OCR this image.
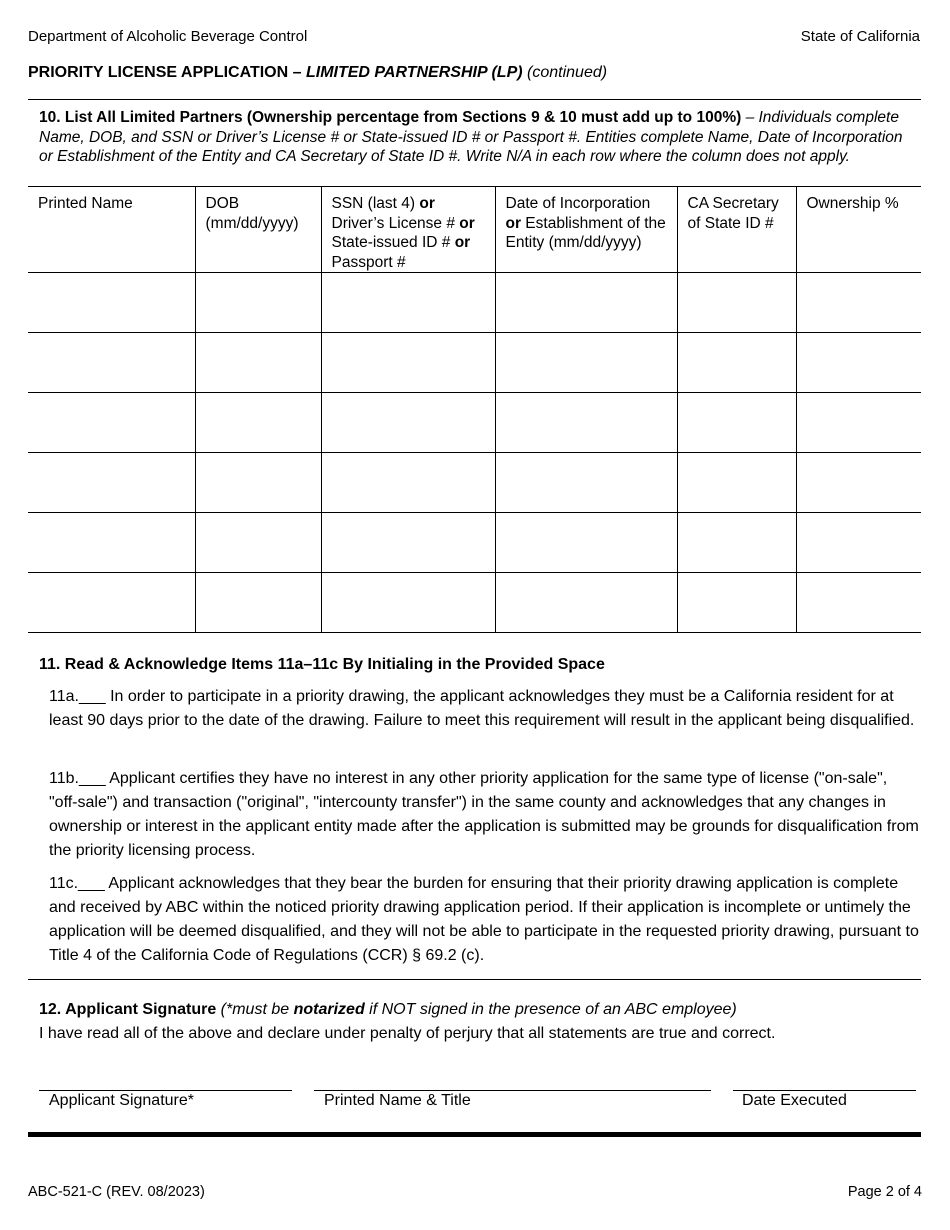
Department of Alcoholic Beverage Control	State of California
PRIORITY LICENSE APPLICATION – LIMITED PARTNERSHIP (LP) (continued)
10. List All Limited Partners (Ownership percentage from Sections 9 & 10 must add up to 100%) – Individuals complete Name, DOB, and SSN or Driver’s License # or State-issued ID # or Passport #. Entities complete Name, Date of Incorporation or Establishment of the Entity and CA Secretary of State ID #. Write N/A in each row where the column does not apply.
Printed Name	DOB (mm/dd/yyyy)	SSN (last 4) or Driver’s License # or State-issued ID # or Passport #	Date of Incorporation or Establishment of the Entity (mm/dd/yyyy)	CA Secretary of State ID #	Ownership %

11. Read & Acknowledge Items 11a–11c By Initialing in the Provided Space
11a.___ In order to participate in a priority drawing, the applicant acknowledges they must be a California resident for at least 90 days prior to the date of the drawing. Failure to meet this requirement will result in the applicant being disqualified.
11b.___ Applicant certifies they have no interest in any other priority application for the same type of license ("on-sale", "off-sale") and transaction ("original", "intercounty transfer") in the same county and acknowledges that any changes in ownership or interest in the applicant entity made after the application is submitted may be grounds for disqualification from the priority licensing process.
11c.___ Applicant acknowledges that they bear the burden for ensuring that their priority drawing application is complete and received by ABC within the noticed priority drawing application period. If their application is incomplete or untimely the application will be deemed disqualified, and they will not be able to participate in the requested priority drawing, pursuant to Title 4 of the California Code of Regulations (CCR) § 69.2 (c).
12. Applicant Signature (*must be notarized if NOT signed in the presence of an ABC employee)
I have read all of the above and declare under penalty of perjury that all statements are true and correct.
Applicant Signature*	Printed Name & Title	Date Executed
ABC-521-C (REV. 08/2023)	Page 2 of 4
